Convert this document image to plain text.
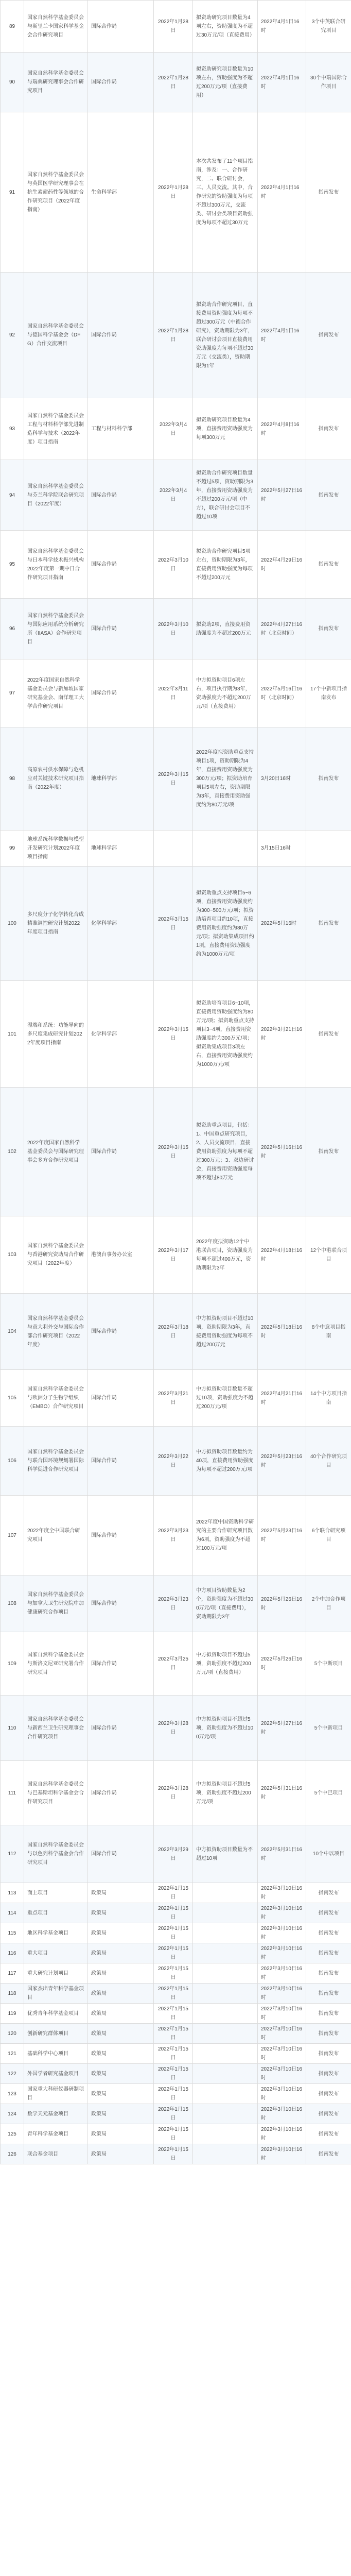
89	国家自然科学基金委员会与斯里兰卡国家科学基金会合作研究项目	国际合作局	2022年1月28日	拟资助研究项目数量为4项左右，资助强度为不超过30万元/项（直接费用）	2022年4月1日16时	3个中英联合研究项目
90	国家自然科学基金委员会与瑞典研究理事会合作研究项目	国际合作局	2022年1月28日	拟资助研究项目数量为10项左右，资助强度为不超过200万元/项（直接费用）	2022年4月1日16时	30个中瑞国际合作项目
91	国家自然科学基金委员会与英国医学研究理事会在抗生素耐药性等领域的合作研究项目（2022年度指南）	生命科学部	2022年1月28日	本次共发布了11个项目指南，涉及：一、合作研究，二、联合研讨会，三、人员交流。其中，合作研究的资助强度为每项不超过300万元，交流类、研讨会类项目资助强度为每项不超过30万元	2022年4月1日16时	指南发布
92	国家自然科学基金委员会与德国科学基金会（DFG）合作交流项目	国际合作局	2022年1月28日	拟资助合作研究项目，直接费用资助强度为每项不超过300万元（中德合作研究），资助期限为3年，联合研讨会项目直接费用资助强度为每项不超过30万元（交流类），资助期限为1年	2022年4月1日16时	指南发布
93	国家自然科学基金委员会工程与材料科学部先进制造科学与技术（2022年度）项目指南	工程与材料科学部	2022年3月4日	拟资助研究项目数量为4项，直接费用资助强度为每项300万元	2022年4月8日16时	指南发布
94	国家自然科学基金委员会与芬兰科学院联合研究项目（2022年度）	国际合作局	2022年3月4日	拟资助合作研究项目数量不超过5项，资助期限为3年，直接费用资助强度为不超过200万元/项（中方），联合研讨会项目不超过10项	2022年5月27日16时	指南发布
95	国家自然科学基金委员会与日本科学技术振兴机构2022年度第一期中日合作研究项目指南	国际合作局	2022年3月10日	拟资助合作研究项目5项左右，资助期限为3年，直接费用资助强度为每项不超过200万元	2022年4月29日16时	指南发布
96	国家自然科学基金委员会与国际应用系统分析研究所（IIASA）合作研究项目	国际合作局	2022年3月10日	拟资助2项，直接费用资助强度为不超过200万元	2022年4月27日16时（北京时间）	指南发布
97	2022年度国家自然科学基金委员会与新加坡国家研究基金会、南洋理工大学合作研究项目	国际合作局	2022年3月11日	中方拟资助项目6项左右，项目执行期为3年，资助强度为不超过200万元/项（直接费用）	2022年5月16日16时（北京时间）	17个中新项目指南发布
98	高原农村供水保障与危机应对关键技术研究项目指南（2022年度）	地球科学部	2022年3月15日	2022年度拟资助重点支持项目1项，资助期限为4年，直接费用资助强度为300万元/项；拟资助培育项目5项左右，资助期限为3年，直接费用资助强度约为80万元/项	3月20日16时	指南发布
99	地球系统科学数据与模型开发研究计划2022年度项目指南	地球科学部			3月15日16时	
100	多尺度分子化学转化合成精准调控研究计划2022年度项目指南	化学科学部	2022年3月15日	拟资助重点支持项目5~6项，直接费用资助强度约为300~500万元/项；拟资助培育项目约10项，直接费用资助强度约为80万元/项；拟资助集成项目约1项，直接费用资助强度约为1000万元/项	2022年5月16时	指南发布
101	湿端和系统：功能导向的多尺度集成研究计划2022年度项目指南	化学科学部	2022年3月15日	拟资助培育项目6~10项，直接费用资助强度约为80万元/项；拟资助重点支持项目3~4项，直接费用资助强度约为300万元/项；拟资助集成项目3项左右，直接费用资助强度约为1000万元/项	2022年3月21日16时	指南发布
102	2022年度国家自然科学基金委员会与国际研究理事会多方合作研究项目	国际合作局	2022年3月15日	拟资助重点项目，包括：1、中国重点研究项目，2、人员交流项目，直接费用资助强度为每项不超过300万元；3、双边研讨会，直接费用资助强度每项不超过80万元	2022年5月16日16时	指南发布
103	国家自然科学基金委员会与香港研究资助局合作研究项目（2022年度）	港澳台事务办公室	2022年3月17日	2022年度拟资助12个中港联合项目，资助强度为每项不超过400万元，资助期限为3年	2022年4月18日16时	12个中港联合项目
104	国家自然科学基金委员会与意大利外交与国际合作部合作研究项目（2022年度）	国际合作局	2022年3月18日	中方拟资助项目不超过10项，资助期限为3年，直接费用资助强度为每项不超过200万元	2022年5月18日16时	8个中意项目指南
105	国家自然科学基金委员会与欧洲分子生物学组织（EMBO）合作研究项目	国际合作局	2022年3月21日	中方拟资助项目数量不超过10项，资助强度为不超过200万元/项	2022年4月21日16时	14个中方项目指南
106	国家自然科学基金委员会与联合国环境规划署国际科学促进合作研究项目	国际合作局	2022年3月22日	中方拟资助项目数量约为40项，直接费用资助强度为每项不超过200万元/项	2022年5月23日16时	40个合作研究项目
107	2022年度全中国联合研究项目	国际合作局	2022年3月23日	2022年度中国资助科学研究的主要合作研究项目数为6项，资助强度为不超过100万元/项	2022年5月23日16时	6个联合研究项目
108	国家自然科学基金委员会与加拿大卫生研究院中加健康研究合作项目	国际合作局	2022年3月23日	中方项目资助数量为2个，资助强度为不超过300万元/项（直接费用），资助期限为3年	2022年5月26日16时	2个中加合作项目
109	国家自然科学基金委员会与斯洛文尼亚研究署合作研究项目	国际合作局	2022年3月25日	中方拟资助项目不超过5项，资助强度不超过200万元/项（直接费用）	2022年5月26日16时	5个中斯项目
110	国家自然科学基金委员会与新西兰卫生研究理事会合作研究项目	国际合作局	2022年3月28日	中方拟资助项目不超过5项，资助强度为不超过100万元/项	2022年5月27日16时	5个中新项目
111	国家自然科学基金委员会与巴基斯坦科学基金会合作研究项目	国际合作局	2022年3月28日	中方拟资助项目不超过5项，资助强度不超过200万元/项	2022年5月31日16时	5个中巴项目
112	国家自然科学基金委员会与以色列科学基金会合作研究项目	国际合作局	2022年3月29日	中方拟资助项目数量为不超过10项	2022年5月31日16时	10个中以项目
113	面上项目	政策局	2022年1月15日		2022年3月10日16时	指南发布
114	重点项目	政策局	2022年1月15日		2022年3月10日16时	指南发布
115	地区科学基金项目	政策局	2022年1月15日		2022年3月10日16时	指南发布
116	重大项目	政策局	2022年1月15日		2022年3月10日16时	指南发布
117	重大研究计划项目	政策局	2022年1月15日		2022年3月10日16时	指南发布
118	国家杰出青年科学基金项目	政策局	2022年1月15日		2022年3月10日16时	指南发布
119	优秀青年科学基金项目	政策局	2022年1月15日		2022年3月10日16时	指南发布
120	创新研究群体项目	政策局	2022年1月15日		2022年3月10日16时	指南发布
121	基础科学中心项目	政策局	2022年1月15日		2022年3月10日16时	指南发布
122	外国学者研究基金项目	政策局	2022年1月15日		2022年3月10日16时	指南发布
123	国家重大科研仪器研制项目	政策局	2022年1月15日		2022年3月10日16时	指南发布
124	数学天元基金项目	政策局	2022年1月15日		2022年3月10日16时	指南发布
125	青年科学基金项目	政策局	2022年1月15日		2022年3月10日16时	指南发布
126	联合基金项目	政策局	2022年1月15日		2022年3月10日16时	指南发布
